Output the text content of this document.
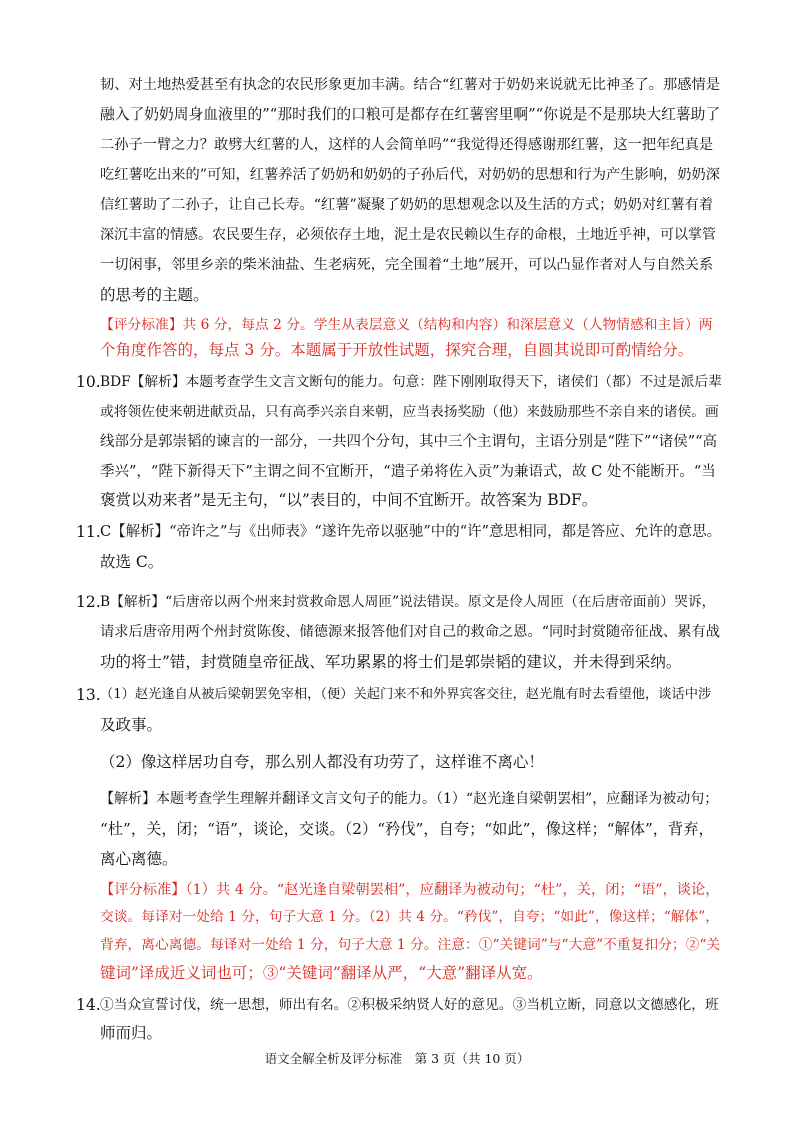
韧、对土地热爱甚至有执念的农民形象更加丰满。结合“红薯对于奶奶来说就无比神圣了。那感情是
融入了奶奶周身血液里的”“那时我们的口粮可是都存在红薯窖里啊”“你说是不是那块大红薯助了
二孙子一臂之力？敢劈大红薯的人，这样的人会简单吗”“我觉得还得感谢那红薯，这一把年纪真是
吃红薯吃出来的”可知，红薯养活了奶奶和奶奶的子孙后代，对奶奶的思想和行为产生影响，奶奶深
信红薯助了二孙子，让自己长寿。“红薯”凝聚了奶奶的思想观念以及生活的方式；奶奶对红薯有着
深沉丰富的情感。农民要生存，必须依存土地，泥土是农民赖以生存的命根，土地近乎神，可以掌管
一切闲事，邻里乡亲的柴米油盐、生老病死，完全围着“土地”展开，可以凸显作者对人与自然关系
的思考的主题。
【评分标准】共 6 分，每点 2 分。学生从表层意义（结构和内容）和深层意义（人物情感和主旨）两
个角度作答的，每点 3 分。本题属于开放性试题，探究合理，自圆其说即可酌情给分。
10. BDF【解析】本题考查学生文言文断句的能力。句意：陛下刚刚取得天下，诸侯们（都）不过是派后辈
或将领佐使来朝进献贡品，只有高季兴亲自来朝，应当表扬奖励（他）来鼓励那些不亲自来的诸侯。画
线部分是郭崇韬的谏言的一部分，一共四个分句，其中三个主谓句，主语分别是“陛下”“诸侯”“高
季兴”，“陛下新得天下”主谓之间不宜断开，“遣子弟将佐入贡”为兼语式，故 C 处不能断开。“当
褒赏以劝来者”是无主句，“以”表目的，中间不宜断开。故答案为 BDF。
11. C【解析】“帝许之”与《出师表》“遂许先帝以驱驰”中的“许”意思相同，都是答应、允许的意思。
故选 C。
12. B【解析】“后唐帝以两个州来封赏救命恩人周匝”说法错误。原文是伶人周匝（在后唐帝面前）哭诉，
请求后唐帝用两个州封赏陈俊、储德源来报答他们对自己的救命之恩。“同时封赏随帝征战、累有战
功的将士”错，封赏随皇帝征战、军功累累的将士们是郭崇韬的建议，并未得到采纳。
13. （1）赵光逢自从被后梁朝罢免宰相，（便）关起门来不和外界宾客交往，赵光胤有时去看望他，谈话中涉
及政事。
（2）像这样居功自夸，那么别人都没有功劳了，这样谁不离心！
【解析】本题考查学生理解并翻译文言文句子的能力。（1）“赵光逢自梁朝罢相”，应翻译为被动句；
“杜”，关，闭；“语”，谈论，交谈。（2）“矜伐”，自夸；“如此”，像这样；“解体”，背弃，
离心离德。
【评分标准】（1）共 4 分。“赵光逢自梁朝罢相”，应翻译为被动句；“杜”，关，闭；“语”，谈论，
交谈。每译对一处给 1 分，句子大意 1 分。（2）共 4 分。“矜伐”，自夸；“如此”，像这样；“解体”，
背弃，离心离德。每译对一处给 1 分，句子大意 1 分。注意：①“关键词”与“大意”不重复扣分；②“关
键词”译成近义词也可；③“关键词”翻译从严，“大意”翻译从宽。
14. ①当众宣誓讨伐，统一思想，师出有名。②积极采纳贤人好的意见。③当机立断，同意以文德感化，班
师而归。
语文全解全析及评分标准　第 3 页（共 10 页）
